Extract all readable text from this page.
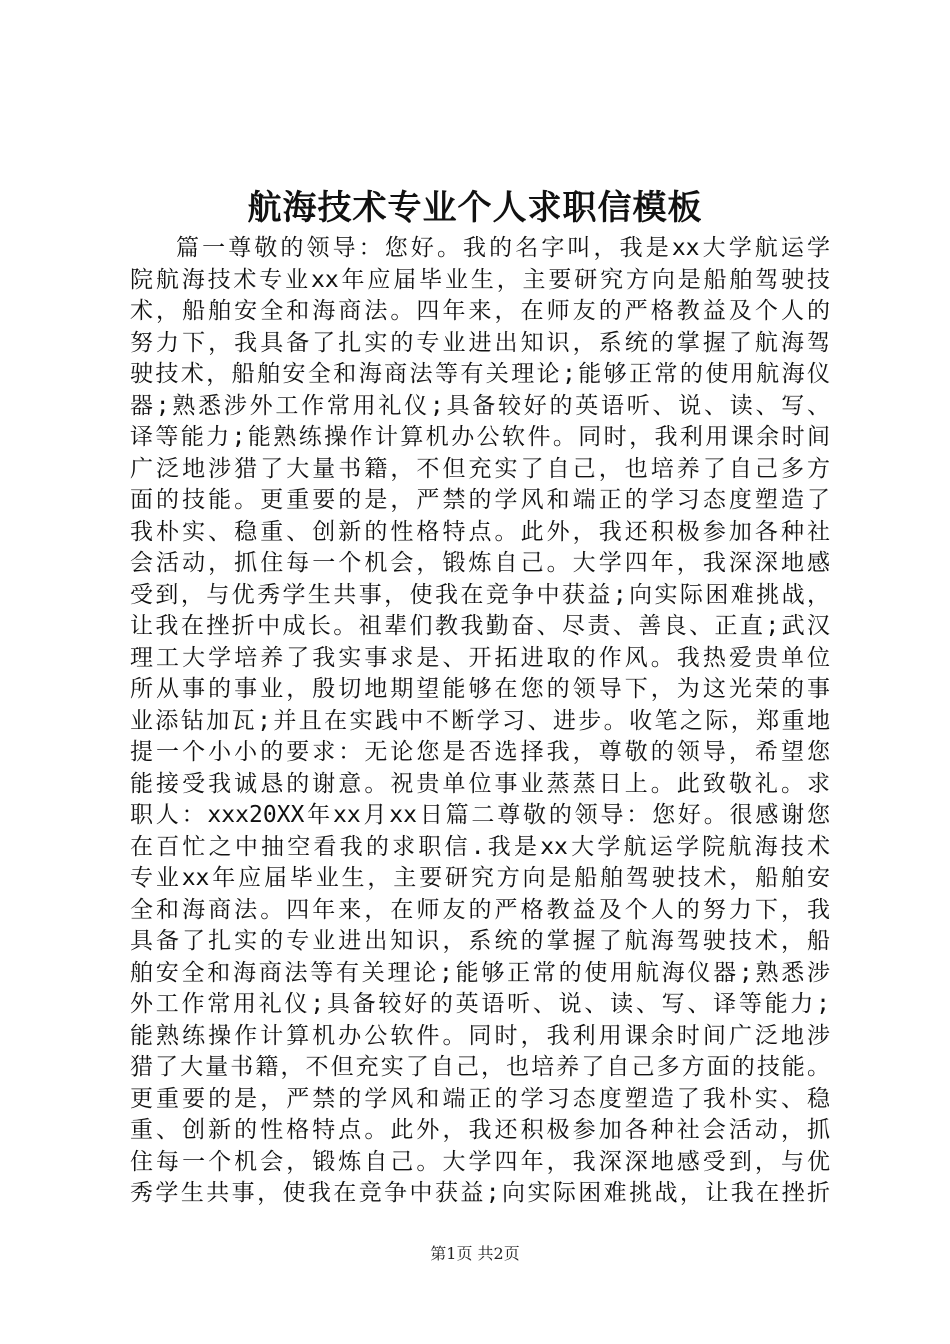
航海技术专业个人求职信模板
篇一尊敬的领导：您好。我的名字叫，我是xx大学航运学
院航海技术专业xx年应届毕业生，主要研究方向是船舶驾驶技
术，船舶安全和海商法。四年来，在师友的严格教益及个人的
努力下，我具备了扎实的专业进出知识，系统的掌握了航海驾
驶技术，船舶安全和海商法等有关理论;能够正常的使用航海仪
器;熟悉涉外工作常用礼仪;具备较好的英语听、说、读、写、
译等能力;能熟练操作计算机办公软件。同时，我利用课余时间
广泛地涉猎了大量书籍，不但充实了自己，也培养了自己多方
面的技能。更重要的是，严禁的学风和端正的学习态度塑造了
我朴实、稳重、创新的性格特点。此外，我还积极参加各种社
会活动，抓住每一个机会，锻炼自己。大学四年，我深深地感
受到，与优秀学生共事，使我在竞争中获益;向实际困难挑战，
让我在挫折中成长。祖辈们教我勤奋、尽责、善良、正直;武汉
理工大学培养了我实事求是、开拓进取的作风。我热爱贵单位
所从事的事业，殷切地期望能够在您的领导下，为这光荣的事
业添钻加瓦;并且在实践中不断学习、进步。收笔之际，郑重地
提一个小小的要求：无论您是否选择我，尊敬的领导，希望您
能接受我诚恳的谢意。祝贵单位事业蒸蒸日上。此致敬礼。求
职人：xxx20XX年xx月xx日篇二尊敬的领导：您好。很感谢您
在百忙之中抽空看我的求职信.我是xx大学航运学院航海技术
专业xx年应届毕业生，主要研究方向是船舶驾驶技术，船舶安
全和海商法。四年来，在师友的严格教益及个人的努力下，我
具备了扎实的专业进出知识，系统的掌握了航海驾驶技术，船
舶安全和海商法等有关理论;能够正常的使用航海仪器;熟悉涉
外工作常用礼仪;具备较好的英语听、说、读、写、译等能力;
能熟练操作计算机办公软件。同时，我利用课余时间广泛地涉
猎了大量书籍，不但充实了自己，也培养了自己多方面的技能。
更重要的是，严禁的学风和端正的学习态度塑造了我朴实、稳
重、创新的性格特点。此外，我还积极参加各种社会活动，抓
住每一个机会，锻炼自己。大学四年，我深深地感受到，与优
秀学生共事，使我在竞争中获益;向实际困难挑战，让我在挫折
第1页 共2页
